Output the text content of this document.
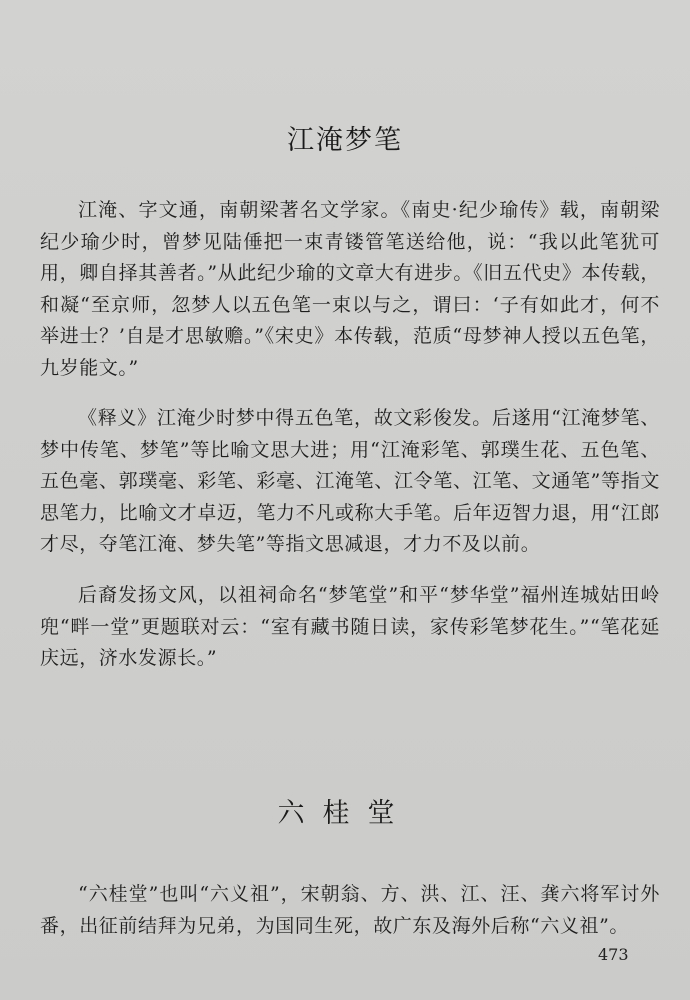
江淹梦笔

江淹、字文通，南朝梁著名文学家。《南史·纪少瑜传》载，南朝梁纪少瑜少时，曾梦见陆倕把一束青镂管笔送给他，说：“我以此笔犹可用，卿自择其善者。”从此纪少瑜的文章大有进步。《旧五代史》本传载，和凝“至京师，忽梦人以五色笔一束以与之，谓曰：‘子有如此才，何不举进士？’自是才思敏赡。”《宋史》本传载，范质“母梦神人授以五色笔，九岁能文。”

《释义》江淹少时梦中得五色笔，故文彩俊发。后遂用“江淹梦笔、梦中传笔、梦笔”等比喻文思大进；用“江淹彩笔、郭璞生花、五色笔、五色毫、郭璞毫、彩笔、彩毫、江淹笔、江令笔、江笔、文通笔”等指文思笔力，比喻文才卓迈，笔力不凡或称大手笔。后年迈智力退，用“江郎才尽，夺笔江淹、梦失笔”等指文思减退，才力不及以前。

后裔发扬文风，以祖祠命名“梦笔堂”和平“梦华堂”福州连城姑田岭兜“畔一堂”更题联对云：“室有藏书随日读，家传彩笔梦花生。”“笔花延庆远，济水发源长。”

六桂堂

“六桂堂”也叫“六义祖”，宋朝翁、方、洪、江、汪、龚六将军讨外番，出征前结拜为兄弟，为国同生死，故广东及海外后称“六义祖”。

473
